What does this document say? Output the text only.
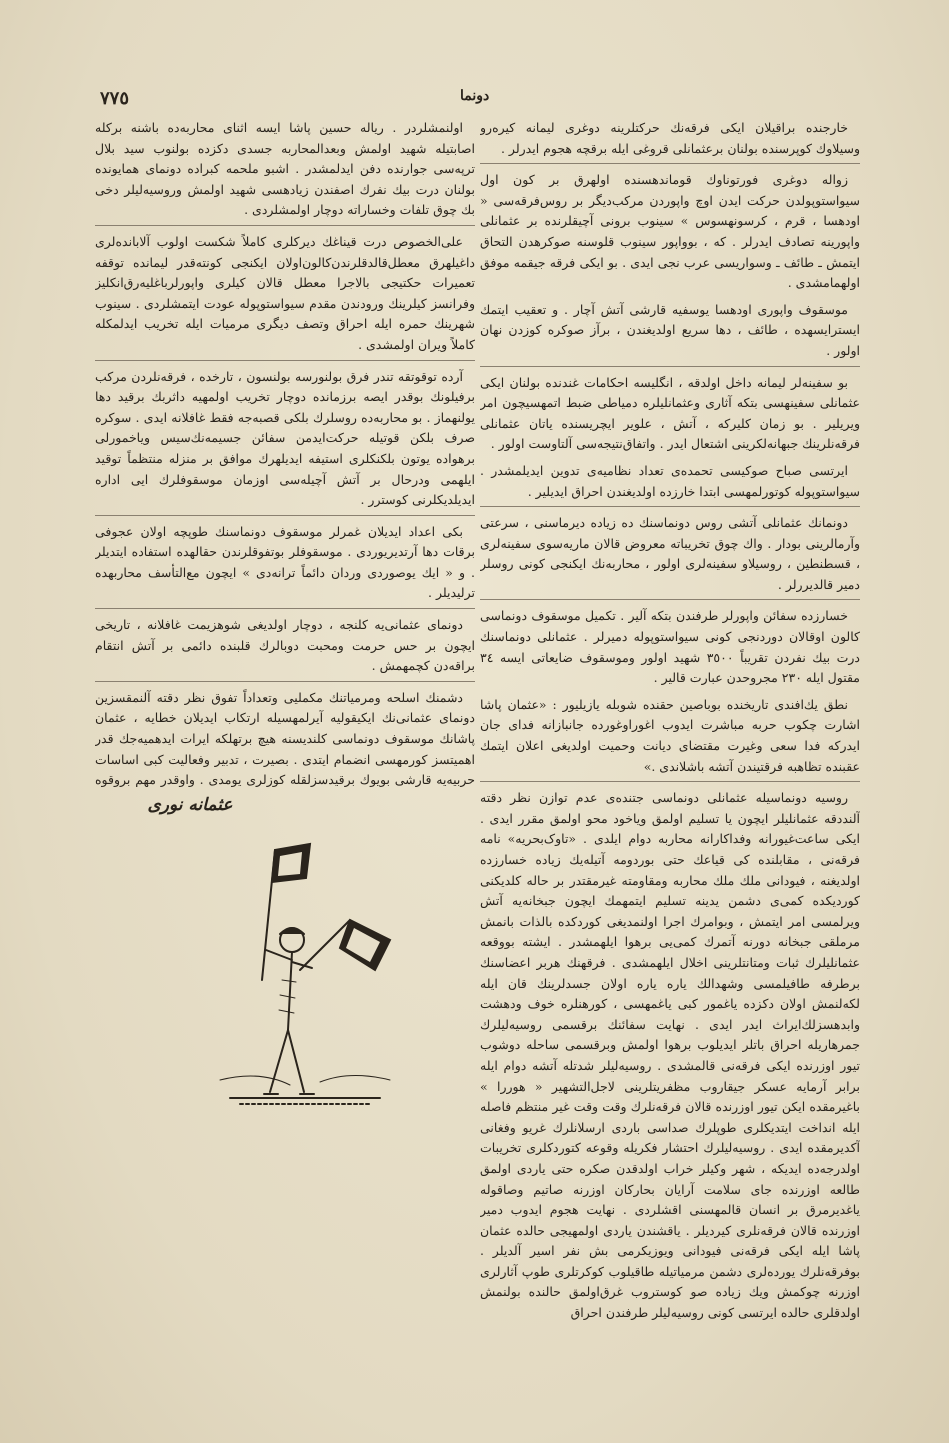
٧٧٥	دونما

خارجنده براقیلان ایکی فرقه‌نك حرکتلرینه دوغری لیمانه کیره‌رو وسیلاوك کوپرسنده بولنان برعثمانلی قروغی ایله برقچه هجوم ایدرلر .

زواله دوغری فورتوناوك قوماندهسنده اولهرق بر کون اول سیواستوپولدن حرکت ایدن اوچ واپوردن مرکب‌دیگر بر روس‌فرقه‌سی « اودهسا ، قرم ، کرسونهسوس » سینوب برونی آچیقلرنده بر عثمانلی واپورینه تصادف ایدرلر . که ، بوواپور سینوب قلوسنه صوکرهدن التحاق ایتمش ـ طائف ـ وسواریسی عرب نجی ایدی . بو ایکی فرقه جیقمه موفق اولهمامشدی .

موسقوف واپوری اودهسا یوسفیه قارشی آتش آچار . و تعقیب ایتمك ایسترایسهده ، طائف ، دها سریع اولدیغندن ، برآز صوکره کوزدن نهان اولور .

بو سفینه‌لر لیمانه داخل اولدقه ، انگلیسه احکامات غندنده بولنان ایکی عثمانلی سفینهسی بتکه آثاری وعثمانلیلره دمیاطی ضبط اتمهسیچون امر ویریلیر . بو زمان کلیرکه ، آتش ، علویر ایچریسنده یاتان عثمانلی فرقه‌نلرینك جبهانه‌لکرینی اشتعال ایدر . واتفاق‌نتیجه‌سی آلتاوست اولور .

ایرتسی صباح صوکیسی تحمده‌ی تعداد نظامیه‌ی تدوین ایدیلمشدر . سیواستوپوله کوتورلمهسی ابتدا خارزده اولدیغندن احراق ایدیلیر .

دونمانك عثمانلی آتشی روس دونماسنك ده زیاده دیرماسنی ، سرعتی وآرمالرینی بودار . واك چوق تخریباته معروض قالان ماریه‌سوی سفینه‌لری ، قسطنطین ، روسیلاو سفینه‌لری اولور ، محاربه‌نك ایکنجی کونی روسلر دمیر قالدیررلر .

خسارزده سفائن واپورلر طرفندن بتکه آلیر . تکمیل موسقوف دونماسی کالون اوقالان دوردنجی کونی سیواستوپوله دمیرلر . عثمانلی دونماسنك درت بیك نفردن تقریباً ٣٥٠٠ شهید اولور وموسقوف ضایعاتی ایسه ٣٤ مقتول ایله ٢٣٠ مجروحدن عبارت قالیر .

نطق یك‌افندی تاریخنده بوباصین حقنده شوبله یازیلیور : «عثمان پاشا اشارت چکوب حربه مباشرت ایدوب اغوراوغورده جانبازانه فدای جان ایدرکه فدا سعی وغیرت مقتضای دیانت وحمیت اولدیغی اعلان ایتمك عقبنده تظاهبه فرقتیندن آتشه باشلاندی .»

روسیه دونماسیله عثمانلی دونماسی جتنده‌ی عدم توازن نظر دقته آلنددقه عثمانلیلر ایچون یا تسلیم اولمق ویاخود محو اولمق مقرر ایدی . ایکی ساعت‌غیورانه وفداکارانه محاربه دوام ایلدی . «تاوک‌بحریه» نامه فرقه‌نی ، مقابلنده کی قیاعك حتی بوردومه آتیله‌یك زیاده خسارزده اولدیغنه ، فیودانی ملك ملك محاربه ومقاومته غیرمقتدر بر حاله کلدیکنی کوردیکده کمی‌ی دشمن یدینه تسلیم ایتمهمك ایچون جبخانه‌یه آتش ویرلمسی امر ایتمش ، وبوامرك اجرا اولنمدیغی کوردکده بالذات بانمش مرملقی جبخانه دورنه آتمرك کمی‌یی برهوا ایلهمشدر . ایشته بووقعه عثمانلیلرك ثبات ومتانتلرینی اخلال ایلهمشدی . فرقهنك هربر اعضاسنك برطرفه طافیلمسی وشهدالك یاره یاره اولان جسدلرینك قان ایله لکه‌لنمش اولان دکزده یاغمور کبی یاغمهسی ، کورهنلره خوف ودهشت وابدهسزلك‌ایراث ایدر ایدی . نهایت سفائنك برقسمی روسیه‌لیلرك جمرهاریله احراق باتلر ایدیلوب برهوا اولمش وبرقسمی ساحله دوشوب تیور اوزرنده ایکی فرقه‌نی قالمشدی . روسیه‌لیلر شدتله آتشه دوام ایله برابر آرمایه عسکر جیقاروب مظفریتلرینی لاجل‌التشهیر « هوررا » باغیرمقده ایکن تیور اوزرنده قالان فرقه‌نلرك وقت وقت غیر منتظم فاصله ایله انداخت ایتدیکلری طوپلرك صداسی باردی ارسلانلرك غریو وفغانی آکدیرمقده ایدی . روسیه‌لیلرك احتشار فکریله وقوعه کتوردکلری تخریبات اولدرجه‌ده ایدیکه ، شهر وکیلر خراب اولدقدن صکره حتی یاردی اولمق طالعه اوزرنده جای سلامت آرایان بحارکان اوزرنه صاتیم وصاقوله یاغدیرمرق بر انسان قالمهسنی اقشلردی . نهایت هجوم ایدوب دمیر اوزرنده قالان فرقه‌نلری کیردیلر . یاقشندن یاردی اولمهیجی حالده عثمان پاشا ایله ایکی فرقه‌نی فیودانی ویوزیکرمی بش نفر اسیر آلدیلر . بوفرقه‌نلرك یورده‌لری دشمن مرمیاتیله طاقیلوب کوکرتلری طوپ آثارلری اوزرنه چوکمش ویك زیاده صو کوستروب غرق‌اولمق حالنده بولنمش اولدقلری حالده ایرتسی کونی روسیه‌لیلر طرفندن احراق

اولنمشلردر . ریاله حسین پاشا ایسه اثنای محاربه‌ده باشنه برکله اصابتیله شهید اولمش وبعدالمحاربه جسدی دکزده بولنوب سید بلال ترپه‌سی جوارنده دفن ایدلمشدر . اشبو ملحمه کبراده دونمای همایونده بولنان درت بیك نفرك اصفندن زیادهسی شهید اولمش وروسیه‌لیلر دخی بك چوق تلفات وخساراته دوچار اولمشلردی .

علی‌الخصوص درت قیناغك دیرکلری کاملاً شکست اولوب آلابانده‌لری داغیلهرق معطل‌قالدقلرندن‌کالون‌اولان ایکنجی کونته‌قدر لیمانده توقفه تعمیرات حکتیجی بالاجرا معطل قالان کیلری واپورلرباغلیه‌رق‌انکلیز وفرانسز کیلرینك ورودندن مقدم سیواستوپوله عودت ایتمشلردی . سینوب شهرینك حمره ایله احراق وتصف دیگری مرمیات ایله تخریب ایدلمکله کاملاً ویران اولمشدی .

آرده توقوتقه تندر فرق بولنورسه بولنسون ، تارخده ، فرقه‌نلردن مرکب برفیلونك بوقدر ایصه برزمانده دوچار تخریب اولمهیه داثربك برقید دها یولنهماز . بو محاربه‌ده روسلرك بلکی قصبه‌جه فقط غافلانه ایدی . سوکره صرف بلکن قوتیله حرکت‌ایدمن سفائن جسیمه‌نك‌سیس ویاخمورلی برهواده یوتون بلکنکلری استیفه ایدیلهرك موافق بر منزله منتظماً توقید ایلهمی ودرحال بر آتش آچیله‌سی اوزمان موسقوفلرك ایی اداره ایدیلدیکلرنی کوسترر .

بکی اعداد ایدیلان غمرلر موسقوف دونماسنك طوپچه اولان عجوفی برقات دها آرتدیریوردی . موسقوفلر بوتفوقلرندن حقالهده استفاده ایتدیلر . و « ایك یوصوردی وردان دائماً ترانه‌دی » ایچون مع‌التأسف محاربهده ترلیدیلر .

دونمای عثمانی‌یه کلنجه ، دوچار اولدیغی شوهزیمت غافلانه ، تاریخی ایچون بر حس حرمت ومحبت دوبالرك قلبنده دائمی بر آتش انتقام براقه‌دن کچمهمش .

دشمنك اسلحه ومرمیاتنك مکملیی وتعداداً تفوق نظر دقته آلنمقسزین دونمای عثمانی‌نك ایکیقولیه آیرلمهسیله ارتکاب ایدیلان خطایه ، عثمان پاشانك موسقوف دونماسی کلندیسنه هیچ برتهلکه ایرات ایدهمیه‌جك قدر اهمیتسز کورمهسی انضمام ایتدی . بصیرت ، تدبیر وفعالیت کبی اساسات حربیه‌یه قارشی بویوك برقیدسزلقله کوزلری یومدی . واوقدر مهم بروقوه

عثمانه نوری
